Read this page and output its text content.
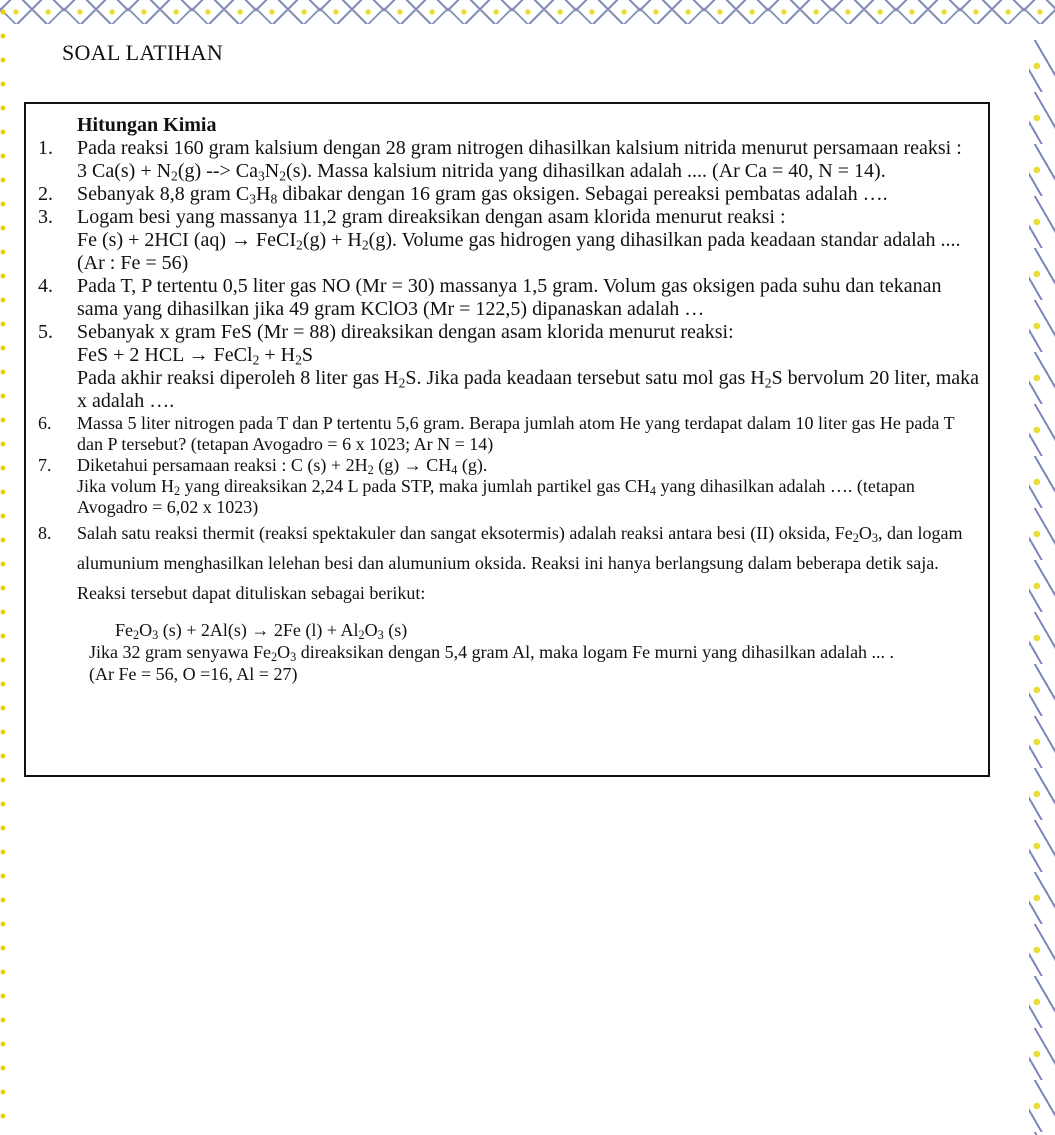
SOAL LATIHAN
Hitungan Kimia
1. Pada reaksi 160 gram kalsium dengan 28 gram nitrogen dihasilkan kalsium nitrida menurut persamaan reaksi :
3 $Ca(s) + N_2(g)$ --> $Ca_3N_2(s)$. Massa kalsium nitrida yang dihasilkan adalah .... (Ar Ca = 40, N = 14).
2. Sebanyak 8,8 gram $C_3H_8$ dibakar dengan 16 gram gas oksigen. Sebagai pereaksi pembatas adalah ….
3. Logam besi yang massanya 11,2 gram direaksikan dengan asam klorida menurut reaksi :
Fe (s) + 2HCI (aq) → FeCI$_2$(g) + $H_2(g)$. Volume gas hidrogen yang dihasilkan pada keadaan standar adalah .... (Ar : Fe = 56)
4. Pada T, P tertentu 0,5 liter gas NO (Mr = 30) massanya 1,5 gram. Volum gas oksigen pada suhu dan tekanan sama yang dihasilkan jika 49 gram KClO3 (Mr = 122,5) dipanaskan adalah …
5. Sebanyak x gram FeS (Mr = 88) direaksikan dengan asam klorida menurut reaksi:
FeS + 2 HCL → FeCl$_2$ + $H_2S$
Pada akhir reaksi diperoleh 8 liter gas $H_2S$. Jika pada keadaan tersebut satu mol gas $H_2S$ bervolum 20 liter, maka x adalah ….
6. Massa 5 liter nitrogen pada T dan P tertentu 5,6 gram. Berapa jumlah atom He yang terdapat dalam 10 liter gas He pada T dan P tersebut? (tetapan Avogadro = 6 x 1023; Ar N = 14)
7. Diketahui persamaan reaksi : C $(s) + 2H_2$ $(g) \to CH_4$ (g).
Jika volum $H_2$ yang direaksikan 2,24 L pada STP, maka jumlah partikel gas $CH_4$ yang dihasilkan adalah …. (tetapan Avogadro = 6,02 x 1023)
8. Salah satu reaksi thermit (reaksi spektakuler dan sangat eksotermis) adalah reaksi antara besi (II) oksida, $Fe_2O_3$, dan logam alumunium menghasilkan lelehan besi dan alumunium oksida. Reaksi ini hanya berlangsung dalam beberapa detik saja. Reaksi tersebut dapat dituliskan sebagai berikut:
$Fe_2O_3$ (s) + 2Al(s) → 2Fe $(l) + Al_2O_3$ (s)
Jika 32 gram senyawa $Fe_2O_3$ direaksikan dengan 5,4 gram Al, maka logam Fe murni yang dihasilkan adalah ... .
(Ar Fe = 56, O =16, Al = 27)
